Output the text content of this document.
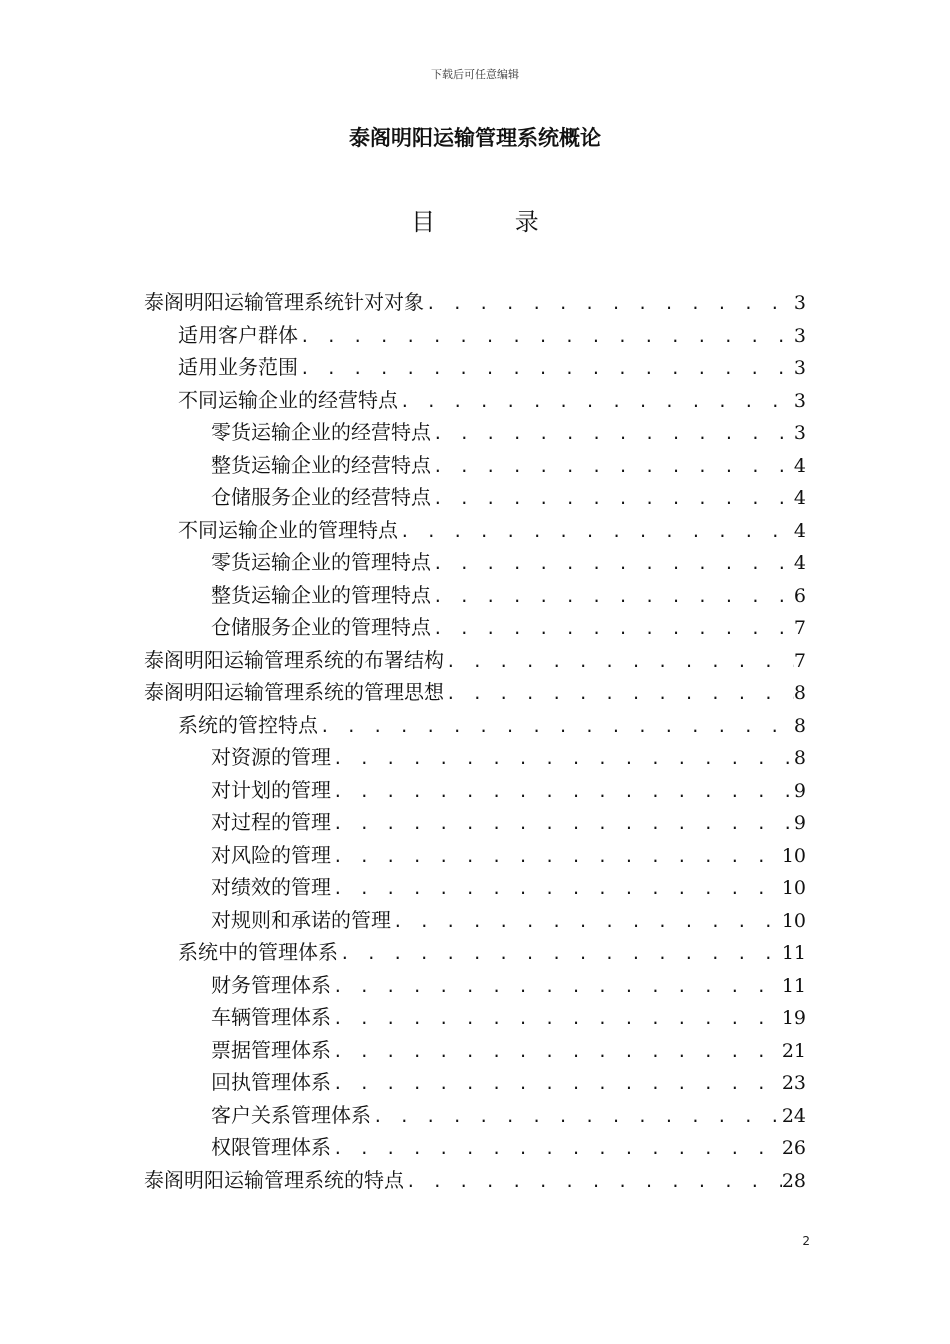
下载后可任意编辑
泰阁明阳运输管理系统概论
目 录
泰阁明阳运输管理系统针对对象 . . .	3
适用客户群体 . . .	3
适用业务范围 . . .	3
不同运输企业的经营特点 . . .	3
零货运输企业的经营特点 . . .	3
整货运输企业的经营特点 . . .	4
仓储服务企业的经营特点 . . .	4
不同运输企业的管理特点 . . .	4
零货运输企业的管理特点 . . .	4
整货运输企业的管理特点 . . .	6
仓储服务企业的管理特点 . . .	7
泰阁明阳运输管理系统的布署结构 . . .	7
泰阁明阳运输管理系统的管理思想 . . .	8
系统的管控特点 . . .	8
对资源的管理 . . .	8
对计划的管理 . . .	9
对过程的管理 . . .	9
对风险的管理 . . .	10
对绩效的管理 . . .	10
对规则和承诺的管理 . . .	10
系统中的管理体系 . . .	11
财务管理体系 . . .	11
车辆管理体系 . . .	19
票据管理体系 . . .	21
回执管理体系 . . .	23
客户关系管理体系 . . .	24
权限管理体系 . . .	26
泰阁明阳运输管理系统的特点 . . .	28
2
